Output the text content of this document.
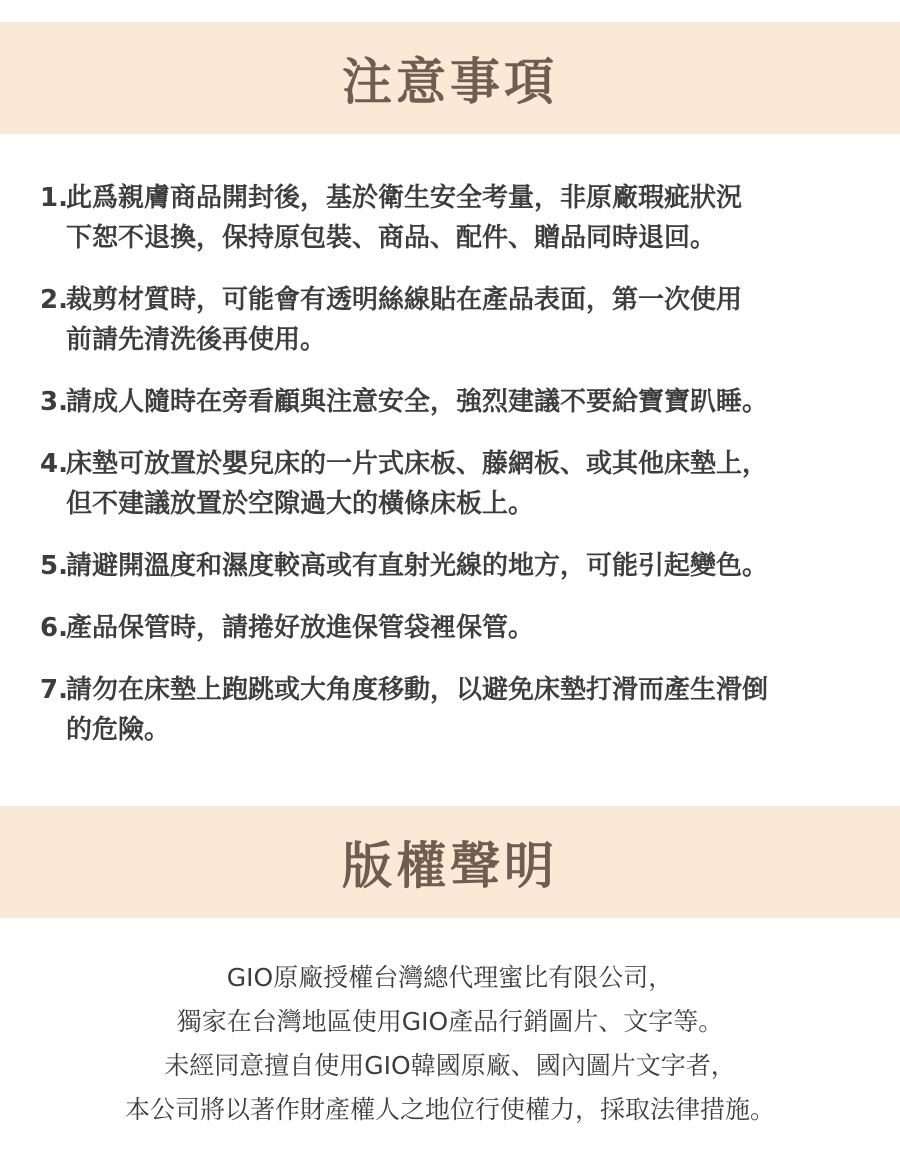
注意事項
1.
此爲親膚商品開封後，基於衛生安全考量，非原廠瑕疵狀況
下恕不退換，保持原包裝、商品、配件、贈品同時退回。
2.
裁剪材質時，可能會有透明絲線貼在產品表面，第一次使用
前請先清洗後再使用。
3.
請成人隨時在旁看顧與注意安全，強烈建議不要給寶寶趴睡。
4.
床墊可放置於嬰兒床的一片式床板、藤網板、或其他床墊上，
但不建議放置於空隙過大的橫條床板上。
5.
請避開溫度和濕度較高或有直射光線的地方，可能引起變色。
6.
產品保管時，請捲好放進保管袋裡保管。
7.
請勿在床墊上跑跳或大角度移動，以避免床墊打滑而產生滑倒
的危險。
版權聲明
GIO原廠授權台灣總代理蜜比有限公司，
獨家在台灣地區使用GIO產品行銷圖片、文字等。
未經同意擅自使用GIO韓國原廠、國內圖片文字者，
本公司將以著作財產權人之地位行使權力，採取法律措施。
